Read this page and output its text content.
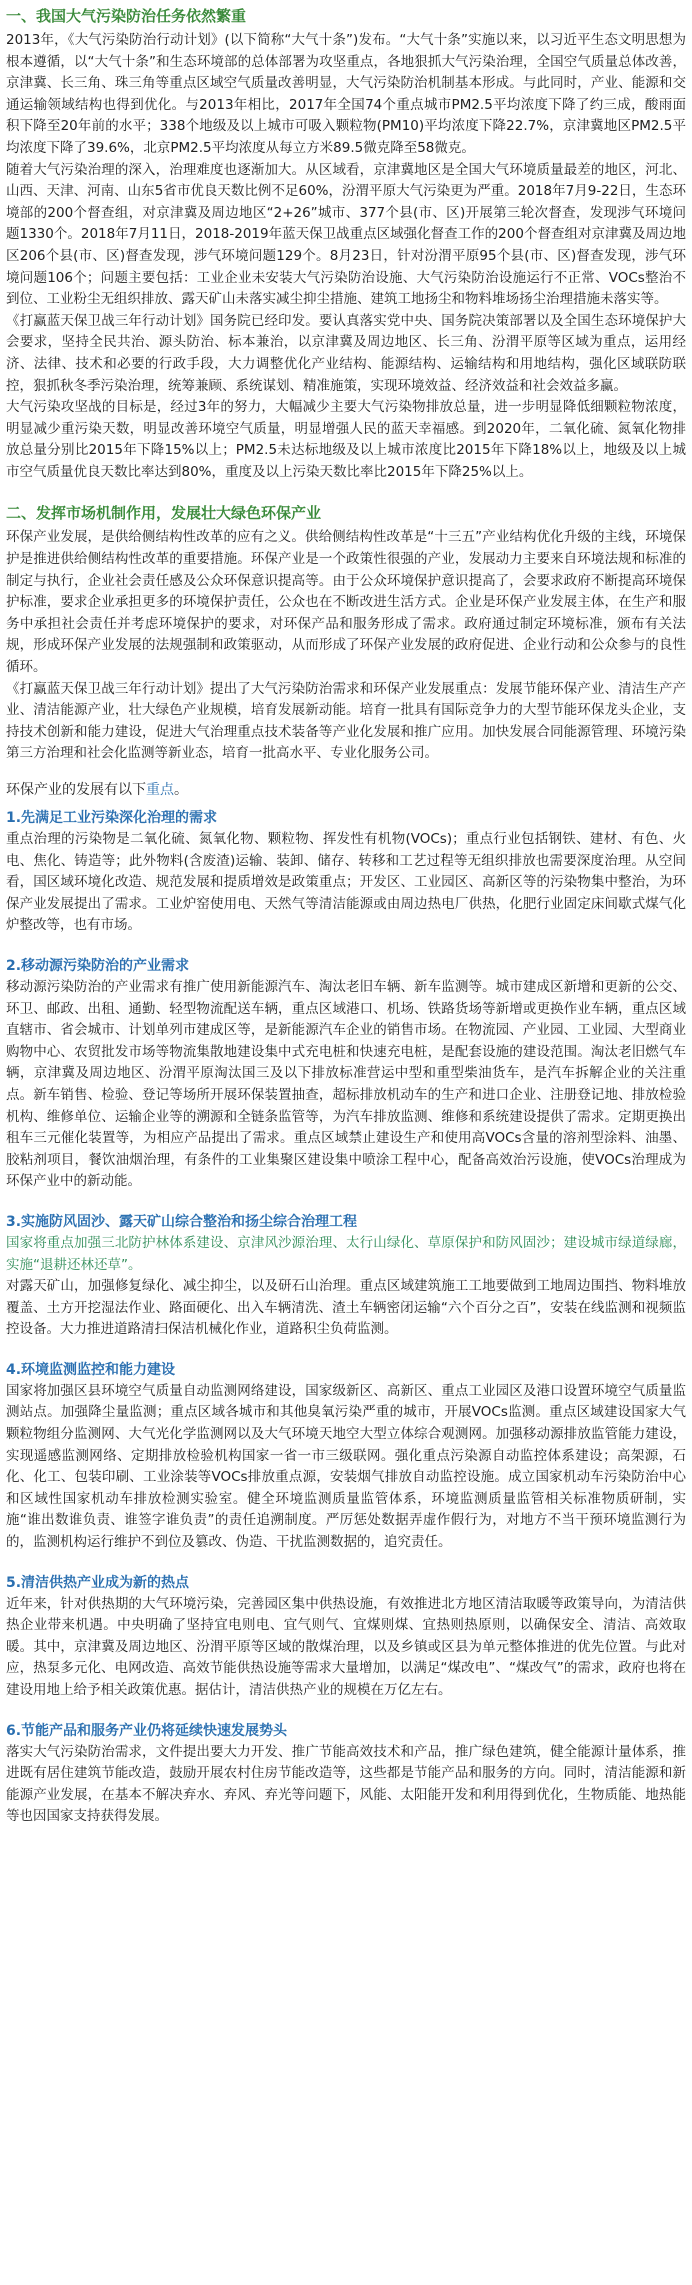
一、我国大气污染防治任务依然繁重

2013年，《大气污染防治行动计划》(以下简称“大气十条”)发布。“大气十条”实施以来，以习近平生态文明思想为根本遵循，以“大气十条”和生态环境部的总体部署为攻坚重点，各地狠抓大气污染治理，全国空气质量总体改善，京津冀、长三角、珠三角等重点区域空气质量改善明显，大气污染防治机制基本形成。与此同时，产业、能源和交通运输领域结构也得到优化。与2013年相比，2017年全国74个重点城市PM2.5平均浓度下降了约三成，酸雨面积下降至20年前的水平；338个地级及以上城市可吸入颗粒物(PM10)平均浓度下降22.7%，京津冀地区PM2.5平均浓度下降了39.6%，北京PM2.5平均浓度从每立方米89.5微克降至58微克。

随着大气污染治理的深入，治理难度也逐渐加大。从区域看，京津冀地区是全国大气环境质量最差的地区，河北、山西、天津、河南、山东5省市优良天数比例不足60%，汾渭平原大气污染更为严重。2018年7月9-22日，生态环境部的200个督查组，对京津冀及周边地区“2+26”城市、377个县(市、区)开展第三轮次督查，发现涉气环境问题1330个。2018年7月11日，2018-2019年蓝天保卫战重点区域强化督查工作的200个督查组对京津冀及周边地区206个县(市、区)督查发现，涉气环境问题129个。8月23日，针对汾渭平原95个县(市、区)督查发现，涉气环境问题106个；问题主要包括：工业企业未安装大气污染防治设施、大气污染防治设施运行不正常、VOCs整治不到位、工业粉尘无组织排放、露天矿山未落实减尘抑尘措施、建筑工地扬尘和物料堆场扬尘治理措施未落实等。

《打赢蓝天保卫战三年行动计划》国务院已经印发。要认真落实党中央、国务院决策部署以及全国生态环境保护大会要求，坚持全民共治、源头防治、标本兼治，以京津冀及周边地区、长三角、汾渭平原等区域为重点，运用经济、法律、技术和必要的行政手段，大力调整优化产业结构、能源结构、运输结构和用地结构，强化区域联防联控，狠抓秋冬季污染治理，统筹兼顾、系统谋划、精准施策，实现环境效益、经济效益和社会效益多赢。

大气污染攻坚战的目标是，经过3年的努力，大幅减少主要大气污染物排放总量，进一步明显降低细颗粒物浓度，明显减少重污染天数，明显改善环境空气质量，明显增强人民的蓝天幸福感。到2020年，二氧化硫、氮氧化物排放总量分别比2015年下降15%以上；PM2.5未达标地级及以上城市浓度比2015年下降18%以上，地级及以上城市空气质量优良天数比率达到80%，重度及以上污染天数比率比2015年下降25%以上。

二、发挥市场机制作用，发展壮大绿色环保产业

环保产业发展，是供给侧结构性改革的应有之义。供给侧结构性改革是“十三五”产业结构优化升级的主线，环境保护是推进供给侧结构性改革的重要措施。环保产业是一个政策性很强的产业，发展动力主要来自环境法规和标准的制定与执行，企业社会责任感及公众环保意识提高等。由于公众环境保护意识提高了，会要求政府不断提高环境保护标准，要求企业承担更多的环境保护责任，公众也在不断改进生活方式。企业是环保产业发展主体，在生产和服务中承担社会责任并考虑环境保护的要求，对环保产品和服务形成了需求。政府通过制定环境标准，颁布有关法规，形成环保产业发展的法规强制和政策驱动，从而形成了环保产业发展的政府促进、企业行动和公众参与的良性循环。

《打赢蓝天保卫战三年行动计划》提出了大气污染防治需求和环保产业发展重点：发展节能环保产业、清洁生产产业、清洁能源产业，壮大绿色产业规模，培育发展新动能。培育一批具有国际竞争力的大型节能环保龙头企业，支持技术创新和能力建设，促进大气治理重点技术装备等产业化发展和推广应用。加快发展合同能源管理、环境污染第三方治理和社会化监测等新业态，培育一批高水平、专业化服务公司。

环保产业的发展有以下重点。
1.先满足工业污染深化治理的需求

重点治理的污染物是二氧化硫、氮氧化物、颗粒物、挥发性有机物(VOCs)；重点行业包括钢铁、建材、有色、火电、焦化、铸造等；此外物料(含废渣)运输、装卸、储存、转移和工艺过程等无组织排放也需要深度治理。从空间看，国区域环境化改造、规范发展和提质增效是政策重点；开发区、工业园区、高新区等的污染物集中整治，为环保产业发展提出了需求。工业炉窑使用电、天然气等清洁能源或由周边热电厂供热，化肥行业固定床间歇式煤气化炉整改等，也有市场。

2.移动源污染防治的产业需求

移动源污染防治的产业需求有推广使用新能源汽车、淘汰老旧车辆、新车监测等。城市建成区新增和更新的公交、环卫、邮政、出租、通勤、轻型物流配送车辆，重点区域港口、机场、铁路货场等新增或更换作业车辆，重点区域直辖市、省会城市、计划单列市建成区等，是新能源汽车企业的销售市场。在物流园、产业园、工业园、大型商业购物中心、农贸批发市场等物流集散地建设集中式充电桩和快速充电桩，是配套设施的建设范围。淘汰老旧燃气车辆，京津冀及周边地区、汾渭平原淘汰国三及以下排放标准营运中型和重型柴油货车，是汽车拆解企业的关注重点。新车销售、检验、登记等场所开展环保装置抽查，超标排放机动车的生产和进口企业、注册登记地、排放检验机构、维修单位、运输企业等的溯源和全链条监管等，为汽车排放监测、维修和系统建设提供了需求。定期更换出租车三元催化装置等，为相应产品提出了需求。重点区域禁止建设生产和使用高VOCs含量的溶剂型涂料、油墨、胶粘剂项目，餐饮油烟治理，有条件的工业集聚区建设集中喷涂工程中心，配备高效治污设施，使VOCs治理成为环保产业中的新动能。

3.实施防风固沙、露天矿山综合整治和扬尘综合治理工程

国家将重点加强三北防护林体系建设、京津风沙源治理、太行山绿化、草原保护和防风固沙；建设城市绿道绿廊，实施“退耕还林还草”。

对露天矿山，加强修复绿化、减尘抑尘，以及研石山治理。重点区域建筑施工工地要做到工地周边围挡、物料堆放覆盖、土方开挖湿法作业、路面硬化、出入车辆清洗、渣土车辆密闭运输“六个百分之百”，安装在线监测和视频监控设备。大力推进道路清扫保洁机械化作业，道路积尘负荷监测。

4.环境监测监控和能力建设

国家将加强区县环境空气质量自动监测网络建设，国家级新区、高新区、重点工业园区及港口设置环境空气质量监测站点。加强降尘量监测；重点区域各城市和其他臭氧污染严重的城市，开展VOCs监测。重点区域建设国家大气颗粒物组分监测网、大气光化学监测网以及大气环境天地空大型立体综合观测网。加强移动源排放监管能力建设，实现遥感监测网络、定期排放检验机构国家一省一市三级联网。强化重点污染源自动监控体系建设；高架源，石化、化工、包装印刷、工业涂装等VOCs排放重点源，安装烟气排放自动监控设施。成立国家机动车污染防治中心和区域性国家机动车排放检测实验室。健全环境监测质量监管体系，环境监测质量监管相关标准物质研制，实施“谁出数谁负责、谁签字谁负责”的责任追溯制度。严厉惩处数据弄虚作假行为，对地方不当干预环境监测行为的，监测机构运行维护不到位及篡改、伪造、干扰监测数据的，追究责任。

5.清洁供热产业成为新的热点

近年来，针对供热期的大气环境污染，完善园区集中供热设施，有效推进北方地区清洁取暖等政策导向，为清洁供热企业带来机遇。中央明确了坚持宜电则电、宜气则气、宜煤则煤、宜热则热原则，以确保安全、清洁、高效取暖。其中，京津冀及周边地区、汾渭平原等区域的散煤治理，以及乡镇或区县为单元整体推进的优先位置。与此对应，热泵多元化、电网改造、高效节能供热设施等需求大量增加，以满足“煤改电”、“煤改气”的需求，政府也将在建设用地上给予相关政策优惠。据估计，清洁供热产业的规模在万亿左右。

6.节能产品和服务产业仍将延续快速发展势头

落实大气污染防治需求，文件提出要大力开发、推广节能高效技术和产品，推广绿色建筑，健全能源计量体系，推进既有居住建筑节能改造，鼓励开展农村住房节能改造等，这些都是节能产品和服务的方向。同时，清洁能源和新能源产业发展，在基本不解决弃水、弃风、弃光等问题下，风能、太阳能开发和利用得到优化，生物质能、地热能等也因国家支持获得发展。
